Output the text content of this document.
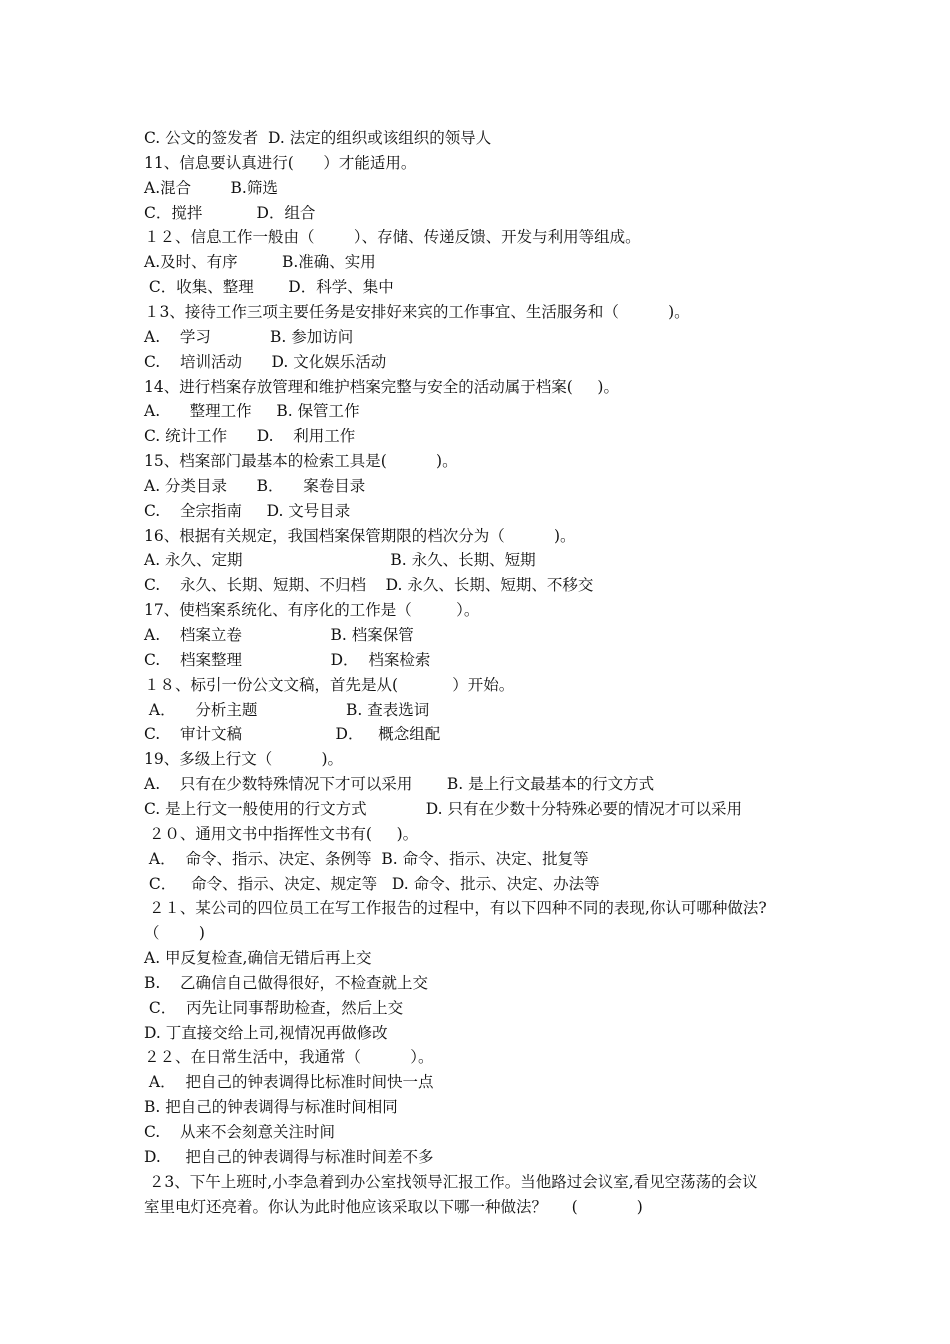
C. 公文的签发者  D. 法定的组织或该组织的领导人
11、信息要认真进行(      ）才能适用。
A.混合        B.筛选
C．搅拌           D．组合
１２、信息工作一般由（        ）、存储、传递反馈、开发与利用等组成。
A.及时、有序         B.准确、实用
C．收集、整理       D．科学、集中
１3、接待工作三项主要任务是安排好来宾的工作事宜、生活服务和（          )。
A.    学习            B. 参加访问
C.    培训活动      D. 文化娱乐活动
14、进行档案存放管理和维护档案完整与安全的活动属于档案(     )。
A.      整理工作     B. 保管工作
C. 统计工作      D.    利用工作
15、档案部门最基本的检索工具是(          )。
A. 分类目录      B．    案卷目录
C.    全宗指南     D. 文号目录
16、根据有关规定，我国档案保管期限的档次分为（          )。
A. 永久、定期                              B. 永久、长期、短期
C.    永久、长期、短期、不归档    D. 永久、长期、短期、不移交
17、使档案系统化、有序化的工作是（         ）。
A.    档案立卷                  B. 档案保管
C.    档案整理                  D．  档案检索
１８、标引一份公文文稿，首先是从(           ）开始。
A．    分析主题                  B. 查表选词
C.    审计文稿                   D．   概念组配
19、多级上行文（          )。
A.    只有在少数特殊情况下才可以采用       B. 是上行文最基本的行文方式
C. 是上行文一般使用的行文方式            D. 只有在少数十分特殊必要的情况才可以采用
２０、通用文书中指挥性文书有(     )。
A．  命令、指示、决定、条例等  B. 命令、指示、决定、批复等
C．   命令、指示、决定、规定等   D. 命令、批示、决定、办法等
２１、某公司的四位员工在写工作报告的过程中，有以下四种不同的表现,你认可哪种做法?
（        )
A. 甲反复检查,确信无错后再上交
B.    乙确信自己做得很好，不检查就上交
C．  丙先让同事帮助检查，然后上交
D. 丁直接交给上司,视情况再做修改
２２、在日常生活中，我通常（          ）。
A．  把自己的钟表调得比标准时间快一点
B. 把自己的钟表调得与标准时间相同
C.    从来不会刻意关注时间
D.     把自己的钟表调得与标准时间差不多
２3、下午上班时,小李急着到办公室找领导汇报工作。当他路过会议室,看见空荡荡的会议
室里电灯还亮着。你认为此时他应该采取以下哪一种做法？     (            )
